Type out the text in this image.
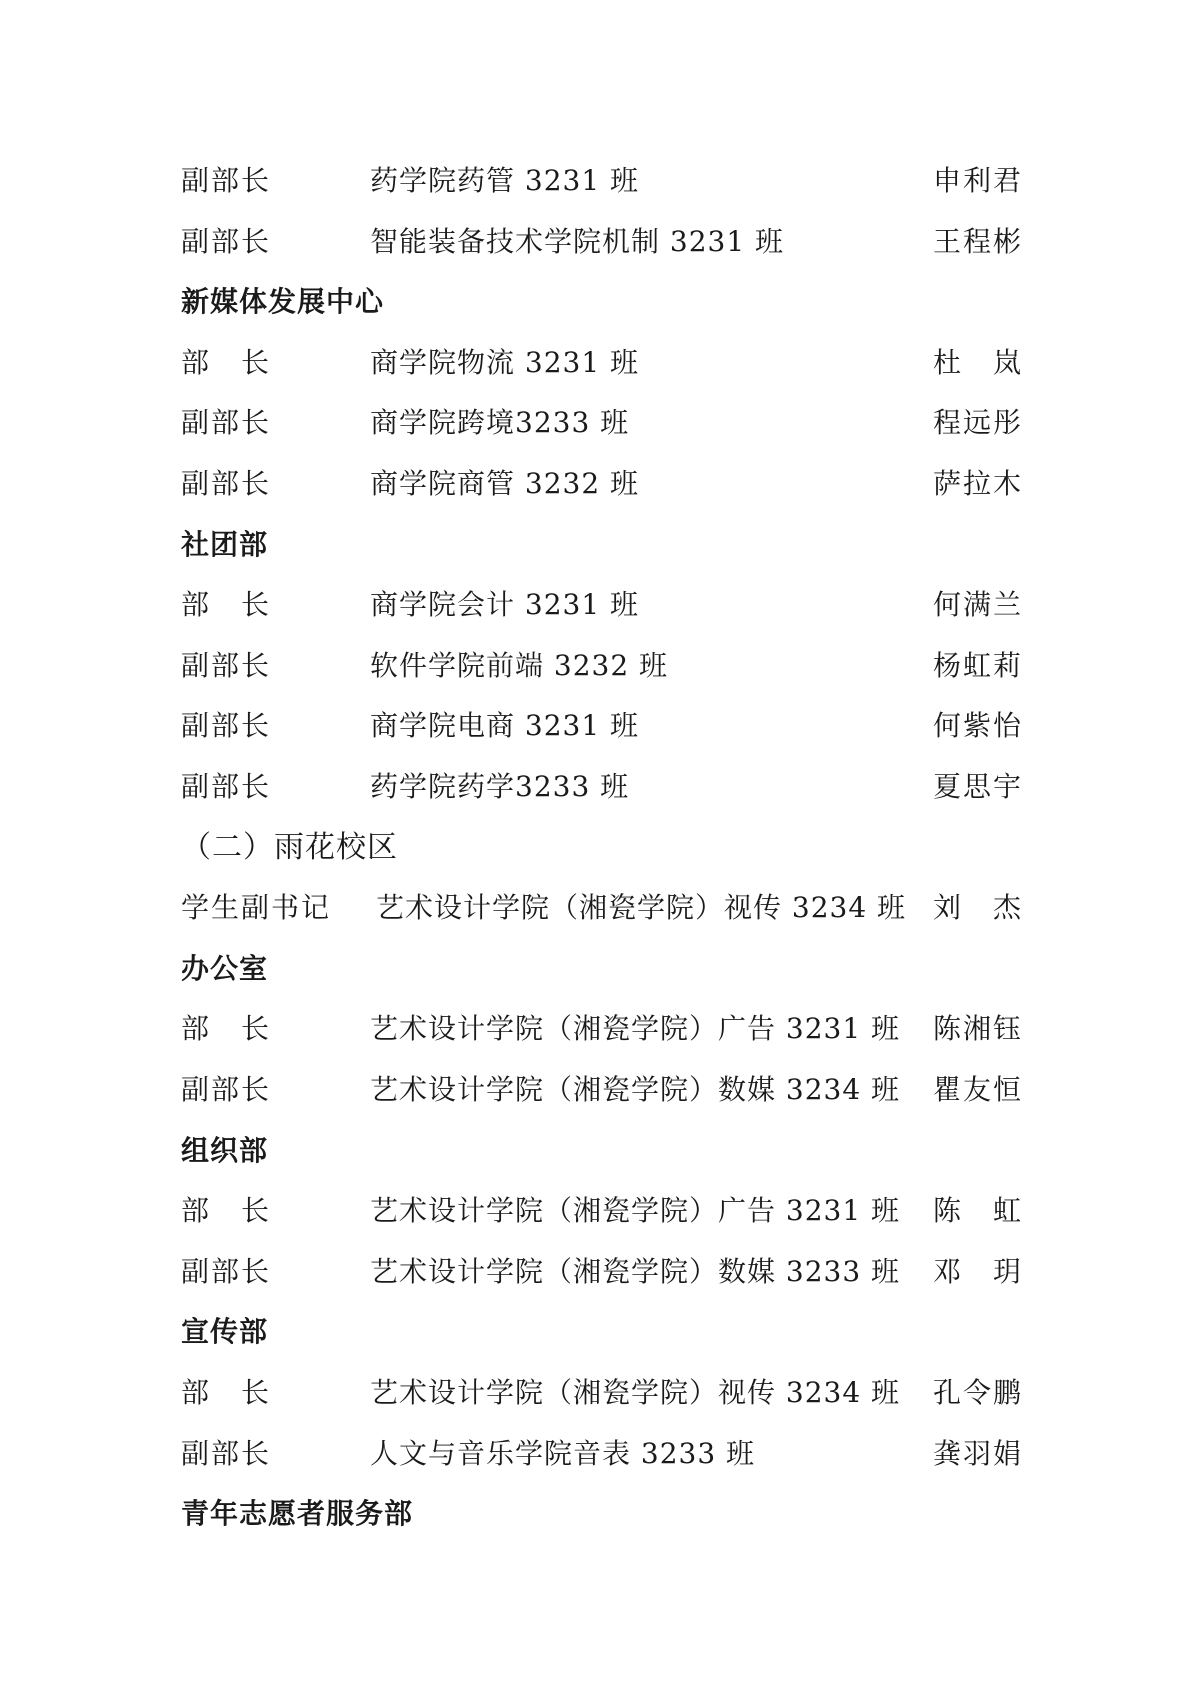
副部长	药学院药管 3231 班	申利君
副部长	智能装备技术学院机制 3231 班	王程彬
新媒体发展中心
部　长	商学院物流 3231 班	杜　岚
副部长	商学院跨境3233 班	程远彤
副部长	商学院商管 3232 班	萨拉木
社团部
部　长	商学院会计 3231 班	何满兰
副部长	软件学院前端 3232 班	杨虹莉
副部长	商学院电商 3231 班	何紫怡
副部长	药学院药学3233 班	夏思宇
（二）雨花校区
学生副书记 艺术设计学院（湘瓷学院）视传 3234 班 刘　杰
办公室
部　长	艺术设计学院（湘瓷学院）广告 3231 班 陈湘钰
副部长	艺术设计学院（湘瓷学院）数媒 3234 班 瞿友恒
组织部
部　长	艺术设计学院（湘瓷学院）广告 3231 班 陈　虹
副部长	艺术设计学院（湘瓷学院）数媒 3233 班 邓　玥
宣传部
部　长	艺术设计学院（湘瓷学院）视传 3234 班 孔令鹏
副部长	人文与音乐学院音表 3233 班	龚羽娟
青年志愿者服务部
